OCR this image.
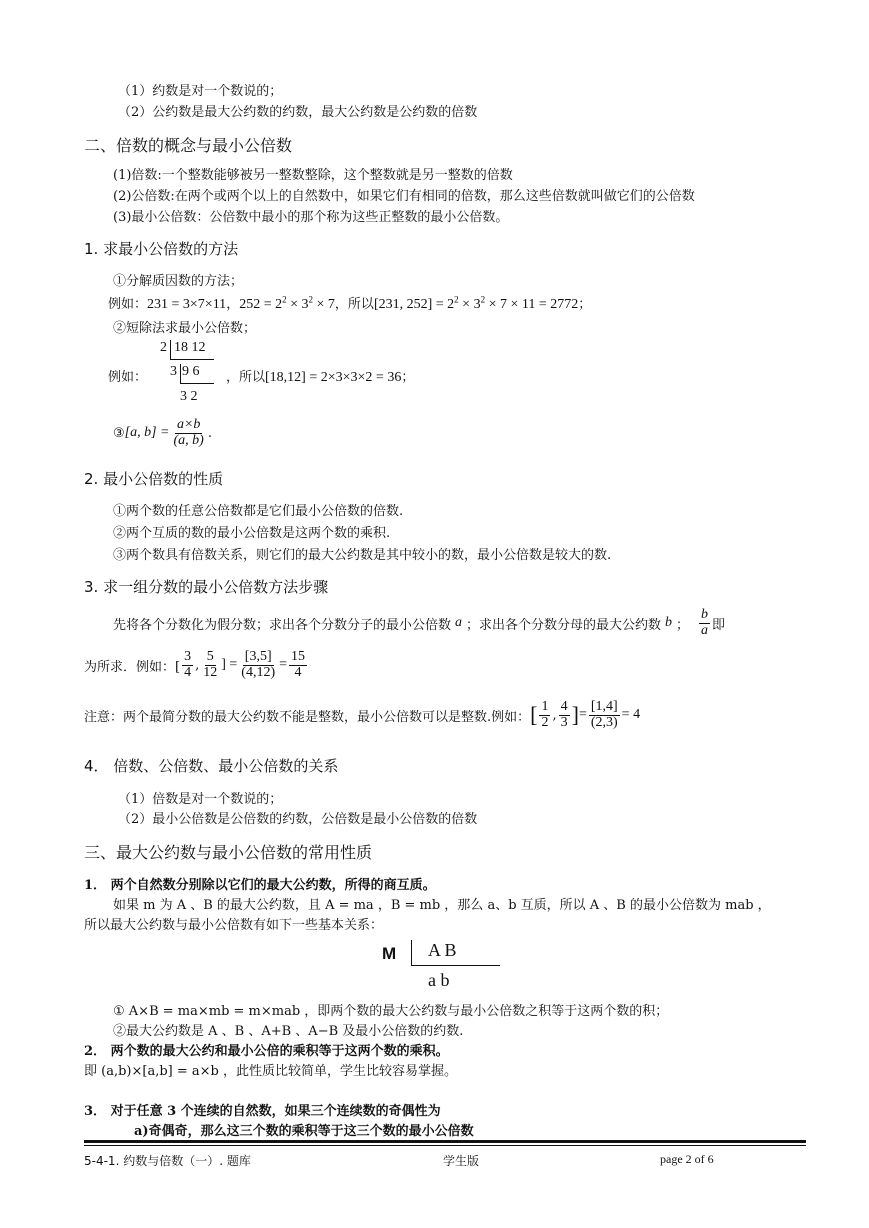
（1）约数是对一个数说的；
（2）公约数是最大公约数的约数，最大公约数是公约数的倍数
二、倍数的概念与最小公倍数
(1)倍数:一个整数能够被另一整数整除，这个整数就是另一整数的倍数
(2)公倍数:在两个或两个以上的自然数中，如果它们有相同的倍数，那么这些倍数就叫做它们的公倍数
(3)最小公倍数：公倍数中最小的那个称为这些正整数的最小公倍数。
1. 求最小公倍数的方法
①分解质因数的方法；
例如：231 = 3×7×11，$252 = 2^2 \times 3^2 \times 7$，所以[231, $252] = 2^2 \times 3^2 \times 7 \times 11 = 2772$；
②短除法求最小公倍数；
例如：
2 18 12
3 9 6
3 2
，所以[18,12] = 2×3×3×2 = 36；
③ [a, $b] = \frac{a\times b}{(a, b)}$ .
2. 最小公倍数的性质
①两个数的任意公倍数都是它们最小公倍数的倍数.
②两个互质的数的最小公倍数是这两个数的乘积.
③两个数具有倍数关系，则它们的最大公约数是其中较小的数，最小公倍数是较大的数.
3. 求一组分数的最小公倍数方法步骤
先将各个分数化为假分数；求出各个分数分子的最小公倍数 a ；求出各个分数分母的最大公约数 b ； $\frac{b}{a}$ 即
为所求．例如：[ $\frac{3}{4}$ , $\frac{5}{12}$ ] = $\frac{[3,5]}{(4,12)} = \frac{15}{4}$
注意：两个最简分数的最大公约数不能是整数，最小公倍数可以是整数.例如： [ $\frac{1}{2}$ , $\frac{4}{3}$ ] = $\frac{[1,4]}{(2,3)} = 4$
4． 倍数、公倍数、最小公倍数的关系
（1）倍数是对一个数说的；
（2）最小公倍数是公倍数的约数，公倍数是最小公倍数的倍数
三、最大公约数与最小公倍数的常用性质
1． 两个自然数分别除以它们的最大公约数，所得的商互质。
如果 m 为 A 、B 的最大公约数，且 A = ma ，B = mb ，那么 a、b 互质，所以 A 、B 的最小公倍数为 mab ，
所以最大公约数与最小公倍数有如下一些基本关系：
M A B
a b
① A×B = ma×mb = m×mab ，即两个数的最大公约数与最小公倍数之积等于这两个数的积；
②最大公约数是 A 、B 、A+B 、A−B 及最小公倍数的约数.
2． 两个数的最大公约和最小公倍的乘积等于这两个数的乘积。
即 (a,b)×[a,b] = a×b ，此性质比较简单，学生比较容易掌握。
3． 对于任意 3 个连续的自然数，如果三个连续数的奇偶性为
a)奇偶奇，那么这三个数的乘积等于这三个数的最小公倍数
5-4-1. 约数与倍数（一）. 题库	学生版	page 2 of 6
